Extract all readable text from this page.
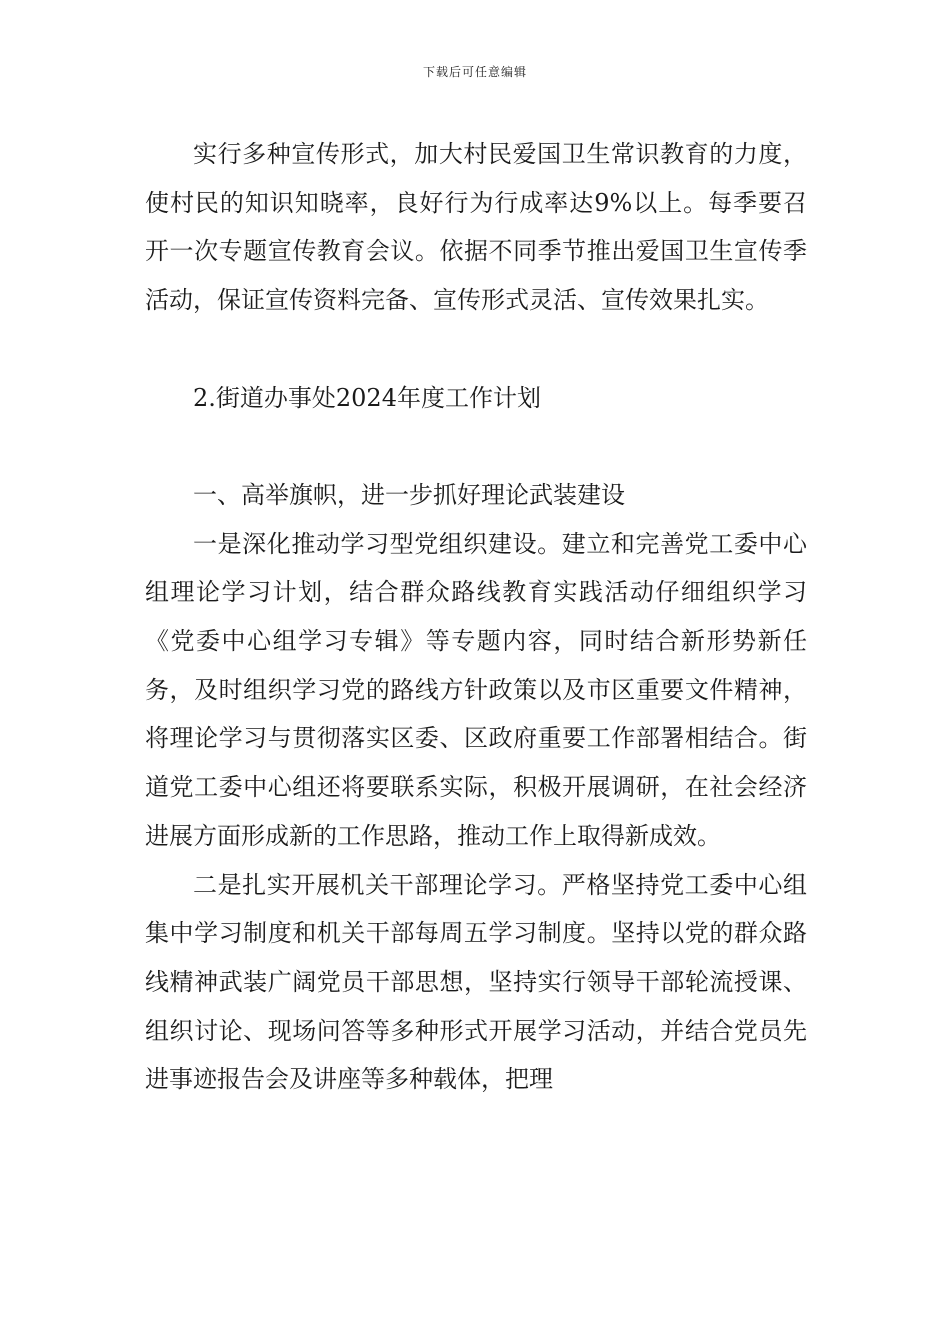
下载后可任意编辑

实行多种宣传形式，加大村民爱国卫生常识教育的力度，使村民的知识知晓率，良好行为行成率达9%以上。每季要召开一次专题宣传教育会议。依据不同季节推出爱国卫生宣传季活动，保证宣传资料完备、宣传形式灵活、宣传效果扎实。

2.街道办事处2024年度工作计划

一、高举旗帜，进一步抓好理论武装建设

一是深化推动学习型党组织建设。建立和完善党工委中心组理论学习计划，结合群众路线教育实践活动仔细组织学习《党委中心组学习专辑》等专题内容，同时结合新形势新任务，及时组织学习党的路线方针政策以及市区重要文件精神，将理论学习与贯彻落实区委、区政府重要工作部署相结合。街道党工委中心组还将要联系实际，积极开展调研，在社会经济进展方面形成新的工作思路，推动工作上取得新成效。

二是扎实开展机关干部理论学习。严格坚持党工委中心组集中学习制度和机关干部每周五学习制度。坚持以党的群众路线精神武装广阔党员干部思想，坚持实行领导干部轮流授课、组织讨论、现场问答等多种形式开展学习活动，并结合党员先进事迹报告会及讲座等多种载体，把理
